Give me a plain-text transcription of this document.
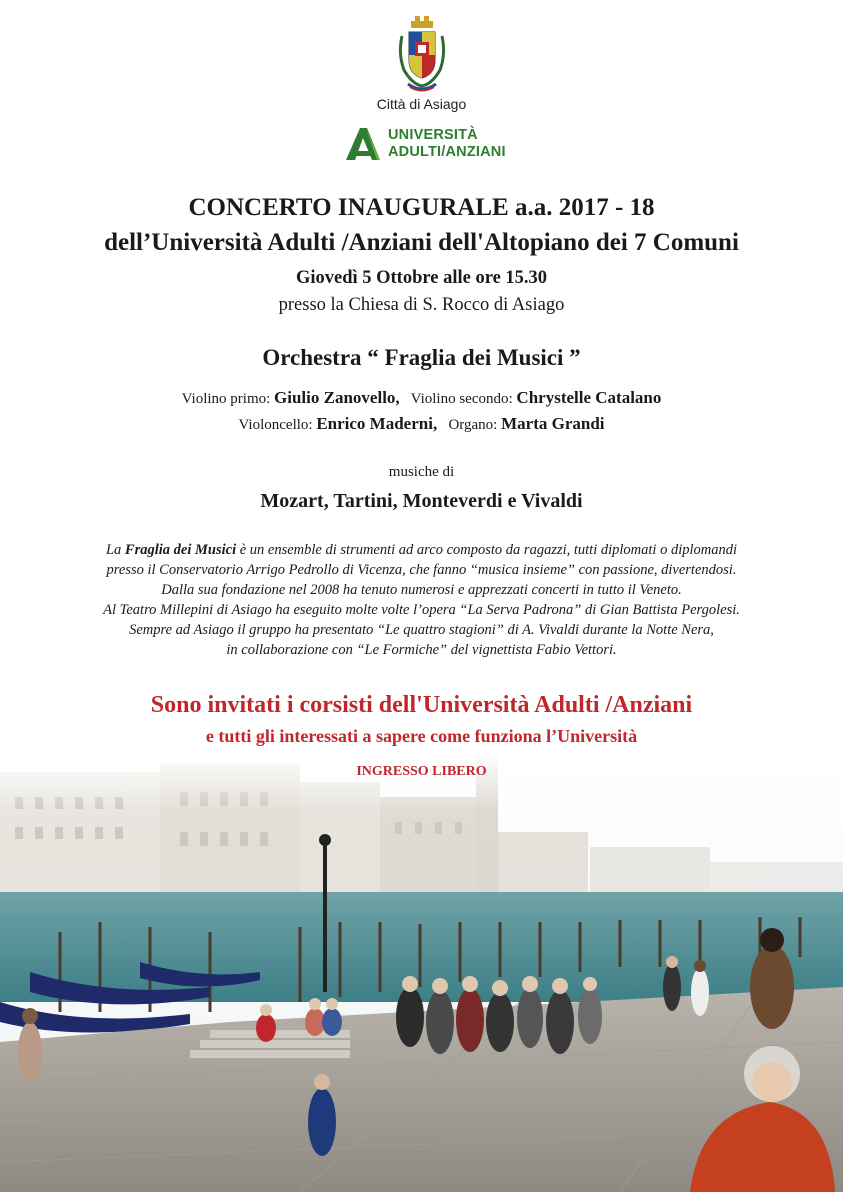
Città di Asiago
UNIVERSITÀ
ADULTI/ANZIANI
CONCERTO INAUGURALE a.a. 2017 - 18
dell’Università Adulti /Anziani dell'Altopiano dei 7 Comuni
Giovedì 5 Ottobre alle ore 15.30
presso la Chiesa di S. Rocco di Asiago
Orchestra “ Fraglia dei Musici ”
Violino primo: Giulio Zanovello, Violino secondo: Chrystelle Catalano
Violoncello: Enrico Maderni, Organo: Marta Grandi
musiche di
Mozart, Tartini, Monteverdi e Vivaldi
La Fraglia dei Musici è un ensemble di strumenti ad arco composto da ragazzi, tutti diplomati o diplomandi
presso il Conservatorio Arrigo Pedrollo di Vicenza, che fanno “musica insieme” con passione, divertendosi.
Dalla sua fondazione nel 2008 ha tenuto numerosi e apprezzati concerti in tutto il Veneto.
Al Teatro Millepini di Asiago ha eseguito molte volte l’opera “La Serva Padrona” di Gian Battista Pergolesi.
Sempre ad Asiago il gruppo ha presentato “Le quattro stagioni” di A. Vivaldi durante la Notte Nera,
in collaborazione con “Le Formiche” del vignettista Fabio Vettori.
Sono invitati i corsisti dell'Università Adulti /Anziani
e tutti gli interessati a sapere come funziona l’Università
INGRESSO LIBERO
